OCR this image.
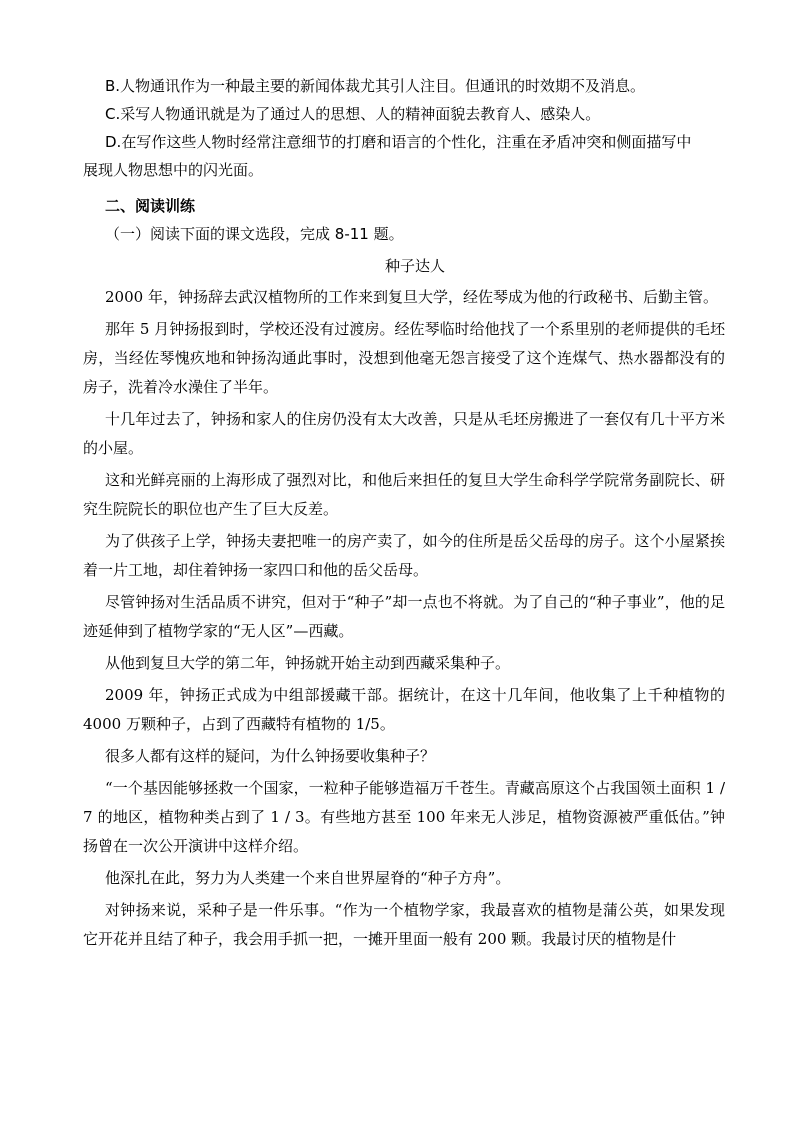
B.人物通讯作为一种最主要的新闻体裁尤其引人注目。但通讯的时效期不及消息。

C.采写人物通讯就是为了通过人的思想、人的精神面貌去教育人、感染人。

D.在写作这些人物时经常注意细节的打磨和语言的个性化，注重在矛盾冲突和侧面描写中

展现人物思想中的闪光面。

二、阅读训练

（一）阅读下面的课文选段，完成 8-11 题。

种子达人

2000 年，钟扬辞去武汉植物所的工作来到复旦大学，经佐琴成为他的行政秘书、后勤主管。

那年 5 月钟扬报到时，学校还没有过渡房。经佐琴临时给他找了一个系里别的老师提供的毛坯房，当经佐琴愧疚地和钟扬沟通此事时，没想到他毫无怨言接受了这个连煤气、热水器都没有的房子，洗着冷水澡住了半年。

十几年过去了，钟扬和家人的住房仍没有太大改善，只是从毛坯房搬进了一套仅有几十平方米的小屋。

这和光鲜亮丽的上海形成了强烈对比，和他后来担任的复旦大学生命科学学院常务副院长、研究生院院长的职位也产生了巨大反差。

为了供孩子上学，钟扬夫妻把唯一的房产卖了，如今的住所是岳父岳母的房子。这个小屋紧挨着一片工地，却住着钟扬一家四口和他的岳父岳母。

尽管钟扬对生活品质不讲究，但对于“种子”却一点也不将就。为了自己的“种子事业”，他的足迹延伸到了植物学家的“无人区”—西藏。

从他到复旦大学的第二年，钟扬就开始主动到西藏采集种子。

2009 年，钟扬正式成为中组部援藏干部。据统计，在这十几年间，他收集了上千种植物的 4000 万颗种子，占到了西藏特有植物的 1/5。

很多人都有这样的疑问，为什么钟扬要收集种子？

“一个基因能够拯救一个国家，一粒种子能够造福万千苍生。青藏高原这个占我国领土面积 1 / 7 的地区，植物种类占到了 1 / 3。有些地方甚至 100 年来无人涉足，植物资源被严重低估。”钟扬曾在一次公开演讲中这样介绍。

他深扎在此，努力为人类建一个来自世界屋脊的“种子方舟”。

对钟扬来说，采种子是一件乐事。“作为一个植物学家，我最喜欢的植物是蒲公英，如果发现它开花并且结了种子，我会用手抓一把，一摊开里面一般有 200 颗。我最讨厌的植物是什
